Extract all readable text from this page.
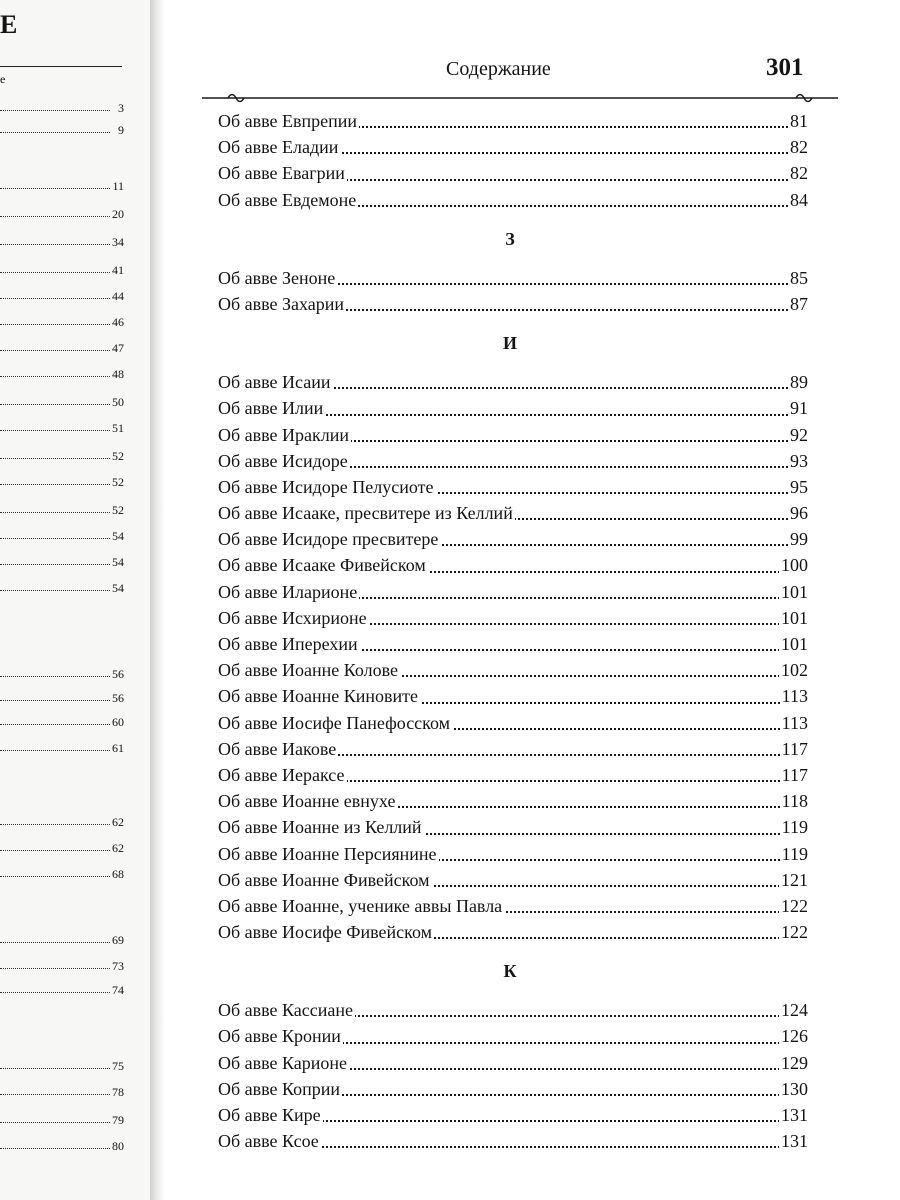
Е
е
3
9
11
20
34
41
44
46
47
48
50
51
52
52
52
54
54
54
56
56
60
61
62
62
68
69
73
74
75
78
79
80
Содержание	301
Об авве Евпрепии	81
Об авве Еладии	82
Об авве Евагрии	82
Об авве Евдемоне	84
З
Об авве Зеноне	85
Об авве Захарии	87
И
Об авве Исаии	89
Об авве Илии	91
Об авве Ираклии	92
Об авве Исидоре	93
Об авве Исидоре Пелусиоте	95
Об авве Исааке, пресвитере из Келлий	96
Об авве Исидоре пресвитере	99
Об авве Исааке Фивейском	100
Об авве Иларионе	101
Об авве Исхирионе	101
Об авве Иперехии	101
Об авве Иоанне Колове	102
Об авве Иоанне Киновите	113
Об авве Иосифе Панефосском	113
Об авве Иакове	117
Об авве Иераксе	117
Об авве Иоанне евнухе	118
Об авве Иоанне из Келлий	119
Об авве Иоанне Персиянине	119
Об авве Иоанне Фивейском	121
Об авве Иоанне, ученике аввы Павла	122
Об авве Иосифе Фивейском	122
К
Об авве Кассиане	124
Об авве Кронии	126
Об авве Карионе	129
Об авве Коприи	130
Об авве Кире	131
Об авве Ксое	131
